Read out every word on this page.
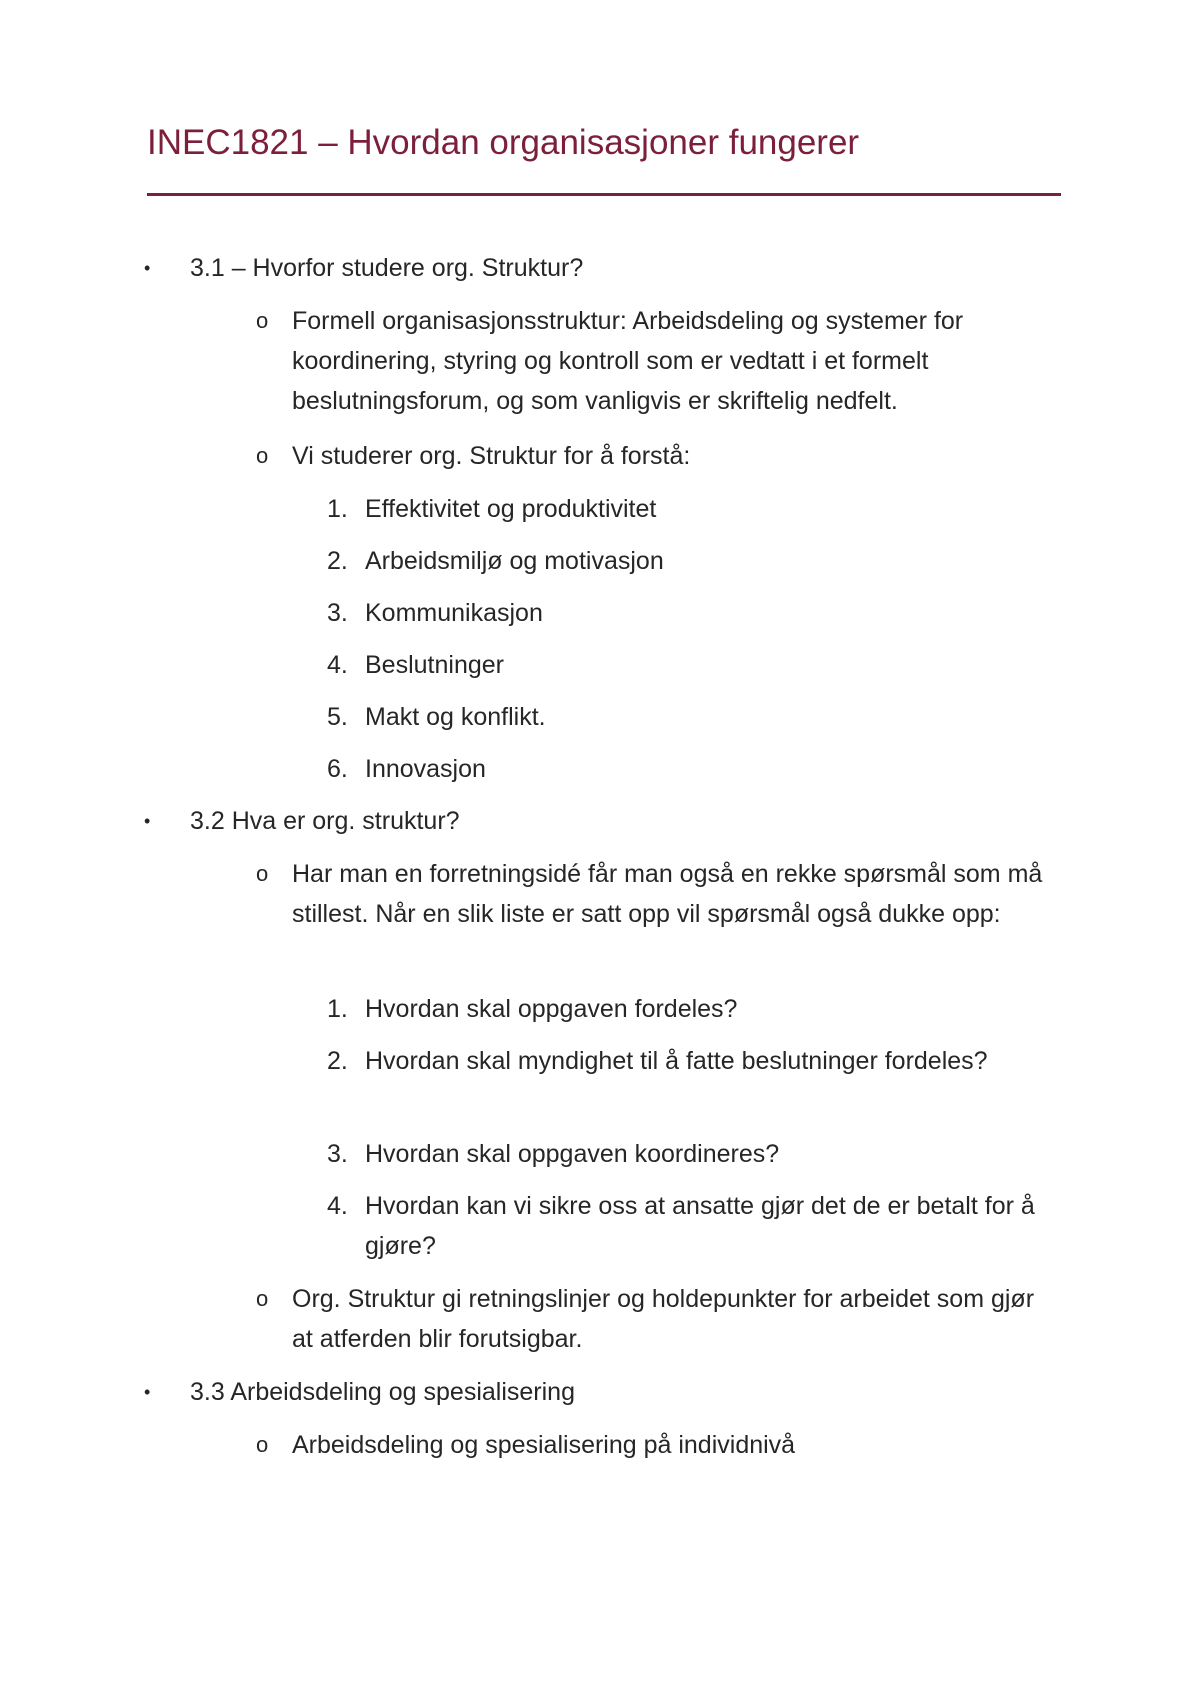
INEC1821 – Hvordan organisasjoner fungerer
• 3.1 – Hvorfor studere org. Struktur?
o Formell organisasjonsstruktur: Arbeidsdeling og systemer for koordinering, styring og kontroll som er vedtatt i et formelt beslutningsforum, og som vanligvis er skriftelig nedfelt.
o Vi studerer org. Struktur for å forstå:
1. Effektivitet og produktivitet
2. Arbeidsmiljø og motivasjon
3. Kommunikasjon
4. Beslutninger
5. Makt og konflikt.
6. Innovasjon
• 3.2 Hva er org. struktur?
o Har man en forretningsidé får man også en rekke spørsmål som må stillest. Når en slik liste er satt opp vil spørsmål også dukke opp:
1. Hvordan skal oppgaven fordeles?
2. Hvordan skal myndighet til å fatte beslutninger fordeles?
3. Hvordan skal oppgaven koordineres?
4. Hvordan kan vi sikre oss at ansatte gjør det de er betalt for å gjøre?
o Org. Struktur gi retningslinjer og holdepunkter for arbeidet som gjør at atferden blir forutsigbar.
• 3.3 Arbeidsdeling og spesialisering
o Arbeidsdeling og spesialisering på individnivå
